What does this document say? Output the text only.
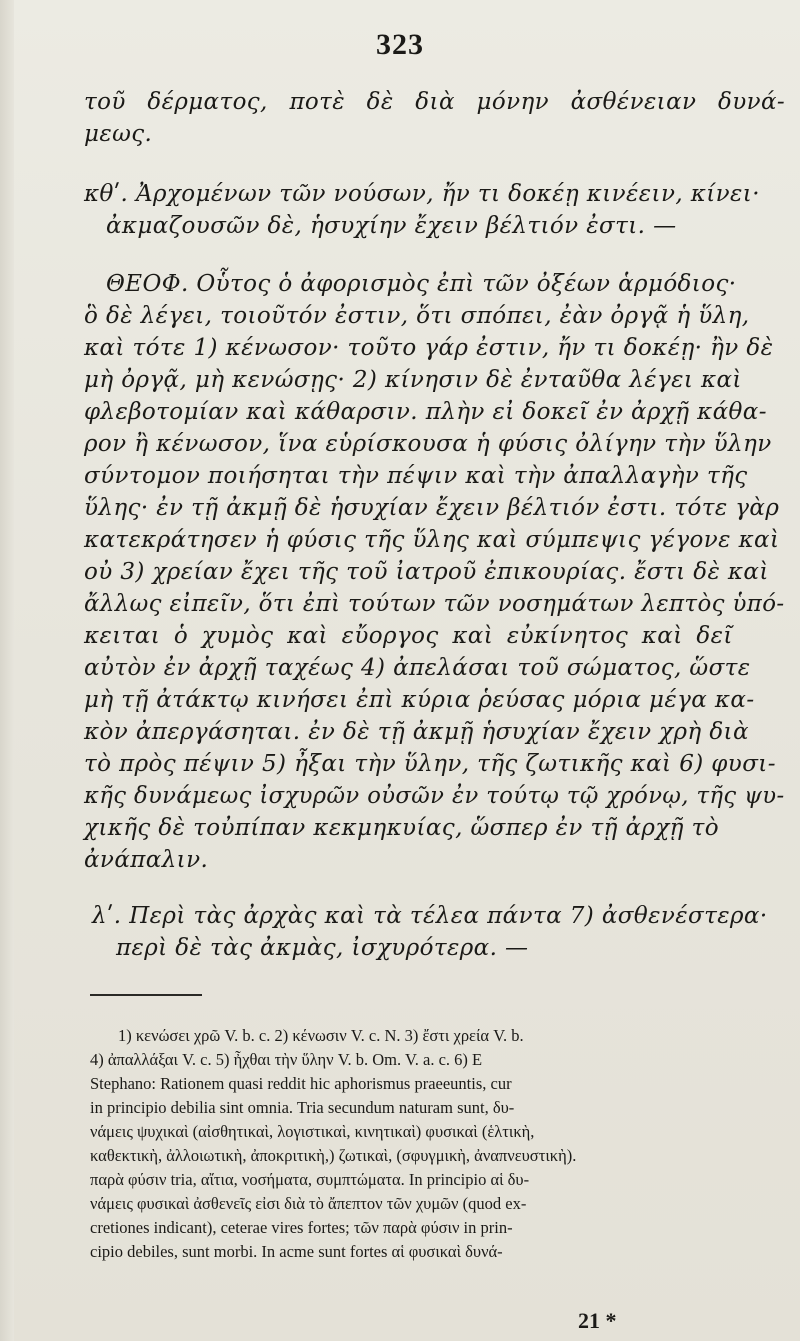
323
τοῦ δέρματος, ποτὲ δὲ διὰ μόνην ἀσθένειαν δυνά-
μεως.
κθʹ. Ἀρχομένων τῶν νούσων, ἤν τι δοκέῃ κινέειν, κίνει·
ἀκμαζουσῶν δὲ, ἡσυχίην ἔχειν βέλτιόν ἐστι. —
ΘΕΟΦ. Οὗτος ὁ ἀφορισμὸς ἐπὶ τῶν ὀξέων ἁρμόδιος·
ὃ δὲ λέγει, τοιοῦτόν ἐστιν, ὅτι σπόπει, ἐὰν ὀργᾷ ἡ ὕλη,
καὶ τότε 1) κένωσον· τοῦτο γάρ ἐστιν, ἤν τι δοκέῃ· ἢν δὲ
μὴ ὀργᾷ, μὴ κενώσῃς· 2) κίνησιν δὲ ἐνταῦθα λέγει καὶ
φλεβοτομίαν καὶ κάθαρσιν. πλὴν εἰ δοκεῖ ἐν ἀρχῇ κάθα-
ρον ἢ κένωσον, ἵνα εὑρίσκουσα ἡ φύσις ὀλίγην τὴν ὕλην
σύντομον ποιήσηται τὴν πέψιν καὶ τὴν ἀπαλλαγὴν τῆς
ὕλης· ἐν τῇ ἀκμῇ δὲ ἡσυχίαν ἔχειν βέλτιόν ἐστι. τότε γὰρ
κατεκράτησεν ἡ φύσις τῆς ὕλης καὶ σύμπεψις γέγονε καὶ
οὐ 3) χρείαν ἔχει τῆς τοῦ ἰατροῦ ἐπικουρίας. ἔστι δὲ καὶ
ἄλλως εἰπεῖν, ὅτι ἐπὶ τούτων τῶν νοσημάτων λεπτὸς ὑπό-
κειται ὁ χυμὸς καὶ εὔοργος καὶ εὐκίνητος καὶ δεῖ
αὐτὸν ἐν ἀρχῇ ταχέως 4) ἀπελάσαι τοῦ σώματος, ὥστε
μὴ τῇ ἀτάκτῳ κινήσει ἐπὶ κύρια ῥεύσας μόρια μέγα κα-
κὸν ἀπεργάσηται. ἐν δὲ τῇ ἀκμῇ ἡσυχίαν ἔχειν χρὴ διὰ
τὸ πρὸς πέψιν 5) ἦξαι τὴν ὕλην, τῆς ζωτικῆς καὶ 6) φυσι-
κῆς δυνάμεως ἰσχυρῶν οὐσῶν ἐν τούτῳ τῷ χρόνῳ, τῆς ψυ-
χικῆς δὲ τοὐπίπαν κεκμηκυίας, ὥσπερ ἐν τῇ ἀρχῇ τὸ
ἀνάπαλιν.
λʹ. Περὶ τὰς ἀρχὰς καὶ τὰ τέλεα πάντα 7) ἀσθενέστερα·
περὶ δὲ τὰς ἀκμὰς, ἰσχυρότερα. —
1) κενώσει χρῶ V. b. c. 2) κένωσιν V. c. N. 3) ἔστι χρεία V. b.
4) ἀπαλλάξαι V. c. 5) ἦχθαι τὴν ὕλην V. b. Om. V. a. c. 6) E
Stephano: Rationem quasi reddit hic aphorismus praeeuntis, cur
in principio debilia sint omnia. Tria secundum naturam sunt, δυ-
νάμεις ψυχικαὶ (αἰσθητικαὶ, λογιστικαὶ, κινητικαὶ) φυσικαὶ (ἑλτικὴ,
καθεκτικὴ, ἀλλοιωτικὴ, ἀποκριτικὴ,) ζωτικαὶ, (σφυγμικὴ, ἀναπνευστικὴ).
παρὰ φύσιν tria, αἴτια, νοσήματα, συμπτώματα. In principio αἱ δυ-
νάμεις φυσικαὶ ἀσθενεῖς εἰσι διὰ τὸ ἄπεπτον τῶν χυμῶν (quod ex-
cretiones indicant), ceterae vires fortes; τῶν παρὰ φύσιν in prin-
cipio debiles, sunt morbi. In acme sunt fortes αἱ φυσικαὶ δυνά-
21 *
